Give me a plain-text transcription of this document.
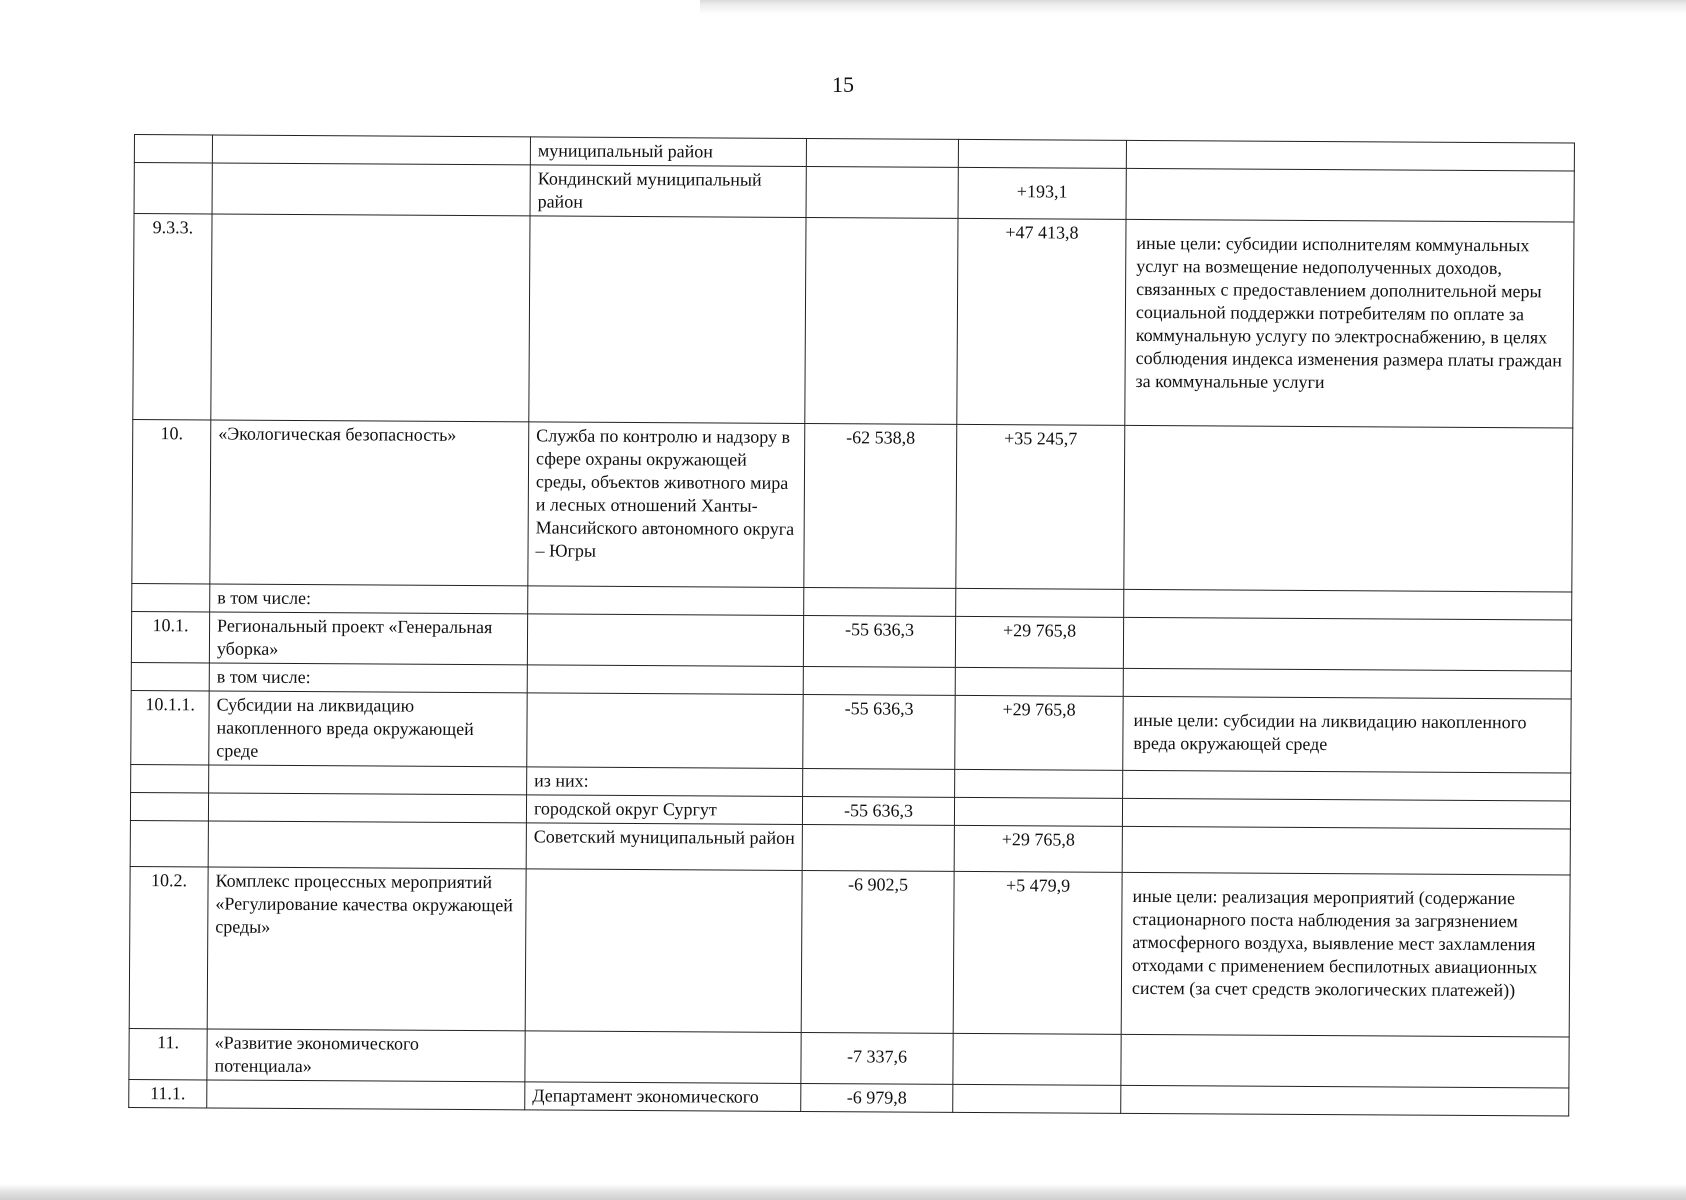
15
		муниципальный район			
		Кондинский муниципальный район		+193,1	
9.3.3.				+47 413,8	иные цели: субсидии исполнителям коммунальных услуг на возмещение недополученных доходов, связанных с предоставлением дополнительной меры социальной поддержки потребителям по оплате за коммунальную услугу по электроснабжению, в целях соблюдения индекса изменения размера платы граждан за коммунальные услуги
10.	«Экологическая безопасность»	Служба по контролю и надзору в сфере охраны окружающей среды, объектов животного мира и лесных отношений Ханты-Мансийского автономного округа – Югры	-62 538,8	+35 245,7	
	в том числе:				
10.1.	Региональный проект «Генеральная уборка»		-55 636,3	+29 765,8	
	в том числе:				
10.1.1.	Субсидии на ликвидацию накопленного вреда окружающей среде		-55 636,3	+29 765,8	иные цели: субсидии на ликвидацию накопленного вреда окружающей среде
		из них:			
		городской округ Сургут	-55 636,3		
		Советский муниципальный район		+29 765,8	
10.2.	Комплекс процессных мероприятий «Регулирование качества окружающей среды»		-6 902,5	+5 479,9	иные цели: реализация мероприятий (содержание стационарного поста наблюдения за загрязнением атмосферного воздуха, выявление мест захламления отходами с применением беспилотных авиационных систем (за счет средств экологических платежей))
11.	«Развитие экономического потенциала»		-7 337,6		
11.1.		Департамент экономического	-6 979,8		
